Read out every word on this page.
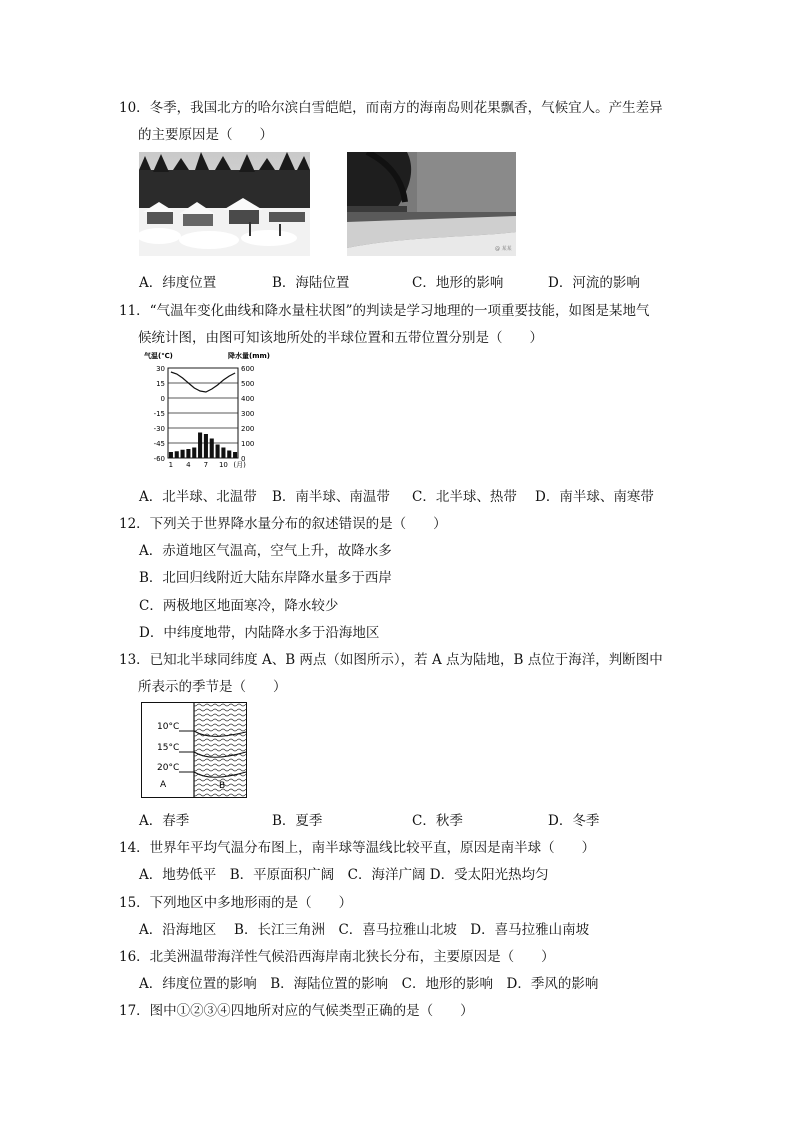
10．冬季，我国北方的哈尔滨白雪皑皑，而南方的海南岛则花果飘香，气候宜人。产生差异
的主要原因是（　　）
@ 某某
A．纬度位置	B．海陆位置	C．地形的影响	D．河流的影响
11．“气温年变化曲线和降水量柱状图”的判读是学习地理的一项重要技能，如图是某地气
候统计图，由图可知该地所处的半球位置和五带位置分别是（　　）
气温(℃)	降水量(mm)
30	600
15	500
0	400
-15	300
-30	200
-45	100
-60	0
1 4 7 10 (月)
A．北半球、北温带 B．南半球、南温带 C．北半球、热带 D．南半球、南寒带
12．下列关于世界降水量分布的叙述错误的是（　　）
A．赤道地区气温高，空气上升，故降水多
B．北回归线附近大陆东岸降水量多于西岸
C．两极地区地面寒冷，降水较少
D．中纬度地带，内陆降水多于沿海地区
13．已知北半球同纬度 A、B 两点（如图所示），若 A 点为陆地，B 点位于海洋，判断图中
所表示的季节是（　　）
10°C
15°C
20°C
A	B
A．春季	B．夏季	C．秋季	D．冬季
14．世界年平均气温分布图上，南半球等温线比较平直，原因是南半球（　　）
A．地势低平　B．平原面积广阔　C．海洋广阔 D．受太阳光热均匀
15．下列地区中多地形雨的是（　　）
A．沿海地区　 B．长江三角洲　C．喜马拉雅山北坡　D．喜马拉雅山南坡
16．北美洲温带海洋性气候沿西海岸南北狭长分布，主要原因是（　　）
A．纬度位置的影响　B．海陆位置的影响　C．地形的影响　D．季风的影响
17．图中①②③④四地所对应的气候类型正确的是（　　）
